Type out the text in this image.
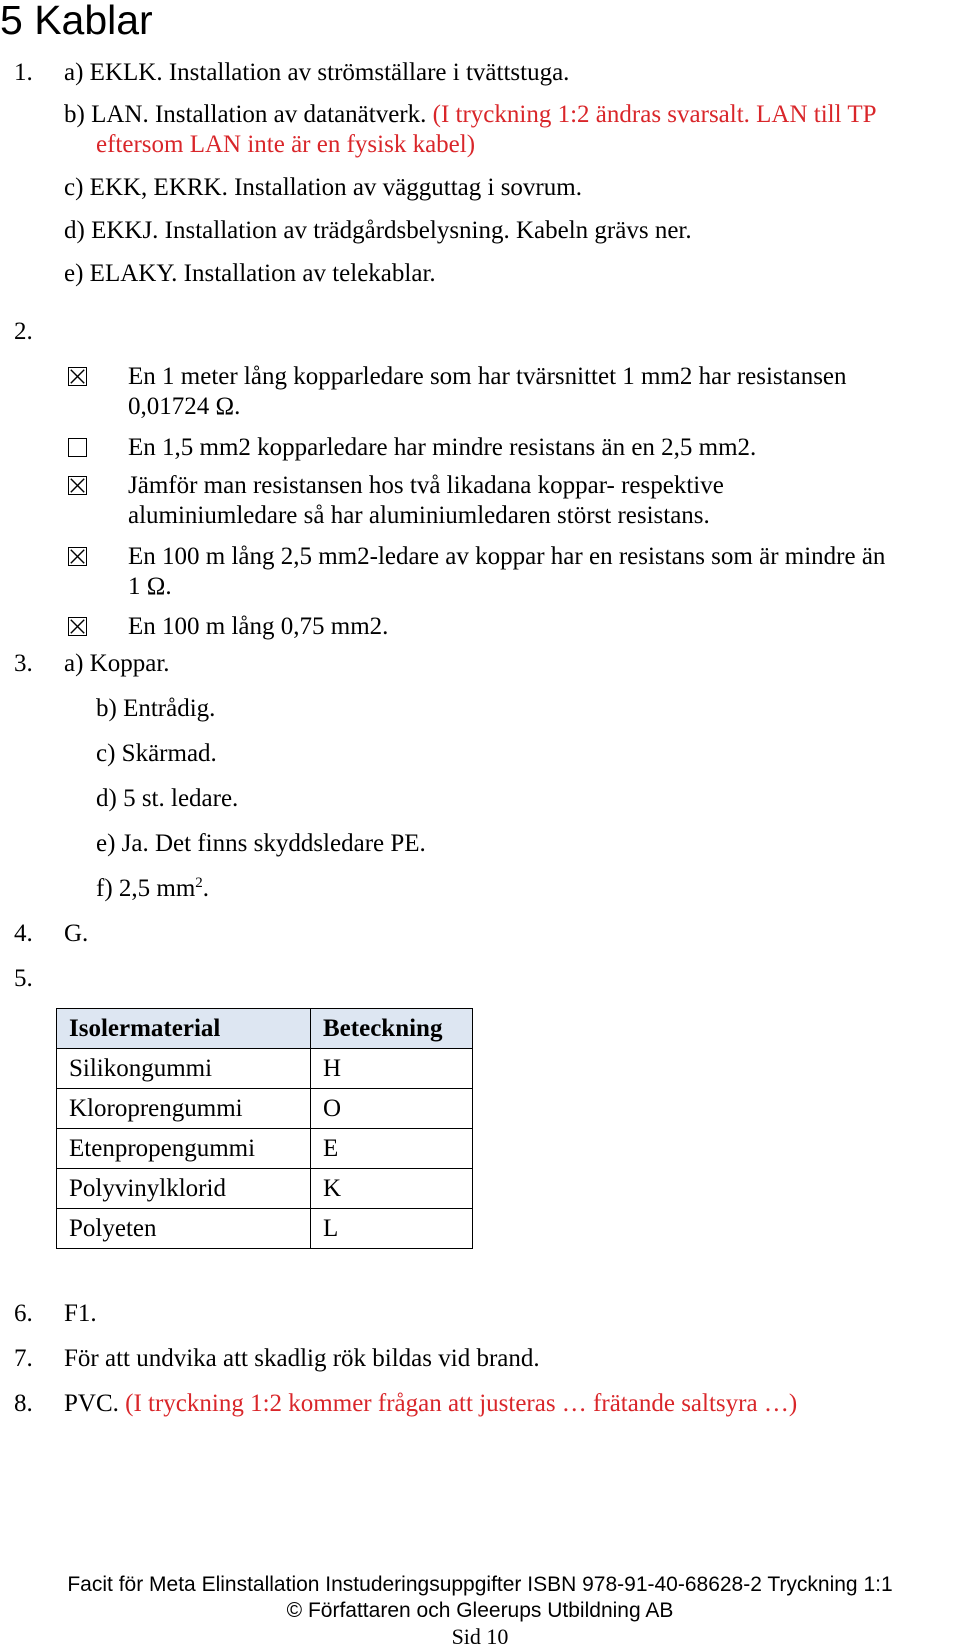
5 Kablar
1. a) EKLK. Installation av strömställare i tvättstuga.
b) LAN. Installation av datanätverk. (I tryckning 1:2 ändras svarsalt. LAN till TP
eftersom LAN inte är en fysisk kabel)
c) EKK, EKRK. Installation av vägguttag i sovrum.
d) EKKJ. Installation av trädgårdsbelysning. Kabeln grävs ner.
e) ELAKY. Installation av telekablar.
2.
En 1 meter lång kopparledare som har tvärsnittet 1 mm2 har resistansen
0,01724 Ω.
En 1,5 mm2 kopparledare har mindre resistans än en 2,5 mm2.
Jämför man resistansen hos två likadana koppar- respektive
aluminiumledare så har aluminiumledaren störst resistans.
En 100 m lång 2,5 mm2-ledare av koppar har en resistans som är mindre än
1 Ω.
En 100 m lång 0,75 mm2.
3. a) Koppar.
b) Entrådig.
c) Skärmad.
d) 5 st. ledare.
e) Ja. Det finns skyddsledare PE.
f) 2,5 $mm^2$.
4. G.
5.
Isolermaterial	Beteckning
Silikongummi	H
Kloroprengummi	O
Etenpropengummi	E
Polyvinylklorid	K
Polyeten	L
6. F1.
7. För att undvika att skadlig rök bildas vid brand.
8. PVC. (I tryckning 1:2 kommer frågan att justeras … frätande saltsyra …)
Facit för Meta Elinstallation Instuderingsuppgifter ISBN 978-91-40-68628-2 Tryckning 1:1
© Författaren och Gleerups Utbildning AB
Sid 10
